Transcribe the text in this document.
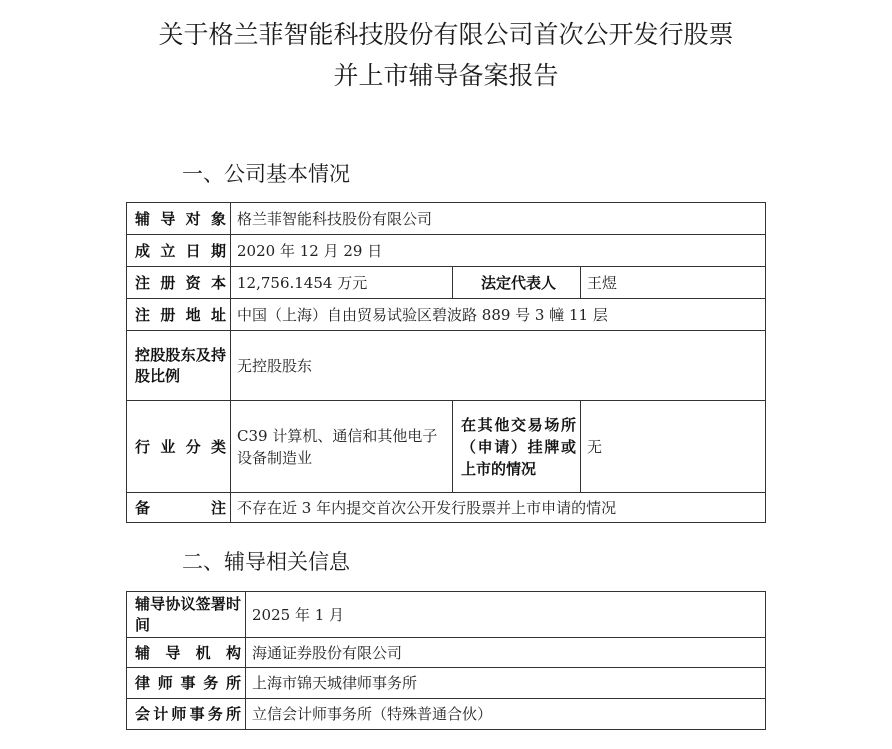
关于格兰菲智能科技股份有限公司首次公开发行股票
并上市辅导备案报告
一、公司基本情况
辅导对象	格兰菲智能科技股份有限公司		

成立日期	2020 年 12 月 29 日		

注册资本	12,756.1454 万元	法定代表人	王煜

注册地址	中国（上海）自由贸易试验区碧波路 889 号 3 幢 11 层		

控股股东及持股比例	无控股股东		

行业分类	C39 计算机、通信和其他电子设备制造业	在其他交易场所（申请）挂牌或上市的情况	无

备注	不存在近 3 年内提交首次公开发行股票并上市申请的情况		
二、辅导相关信息
辅导协议签署时间	2025 年 1 月

辅导机构	海通证券股份有限公司

律师事务所	上海市锦天城律师事务所

会计师事务所	立信会计师事务所（特殊普通合伙）
